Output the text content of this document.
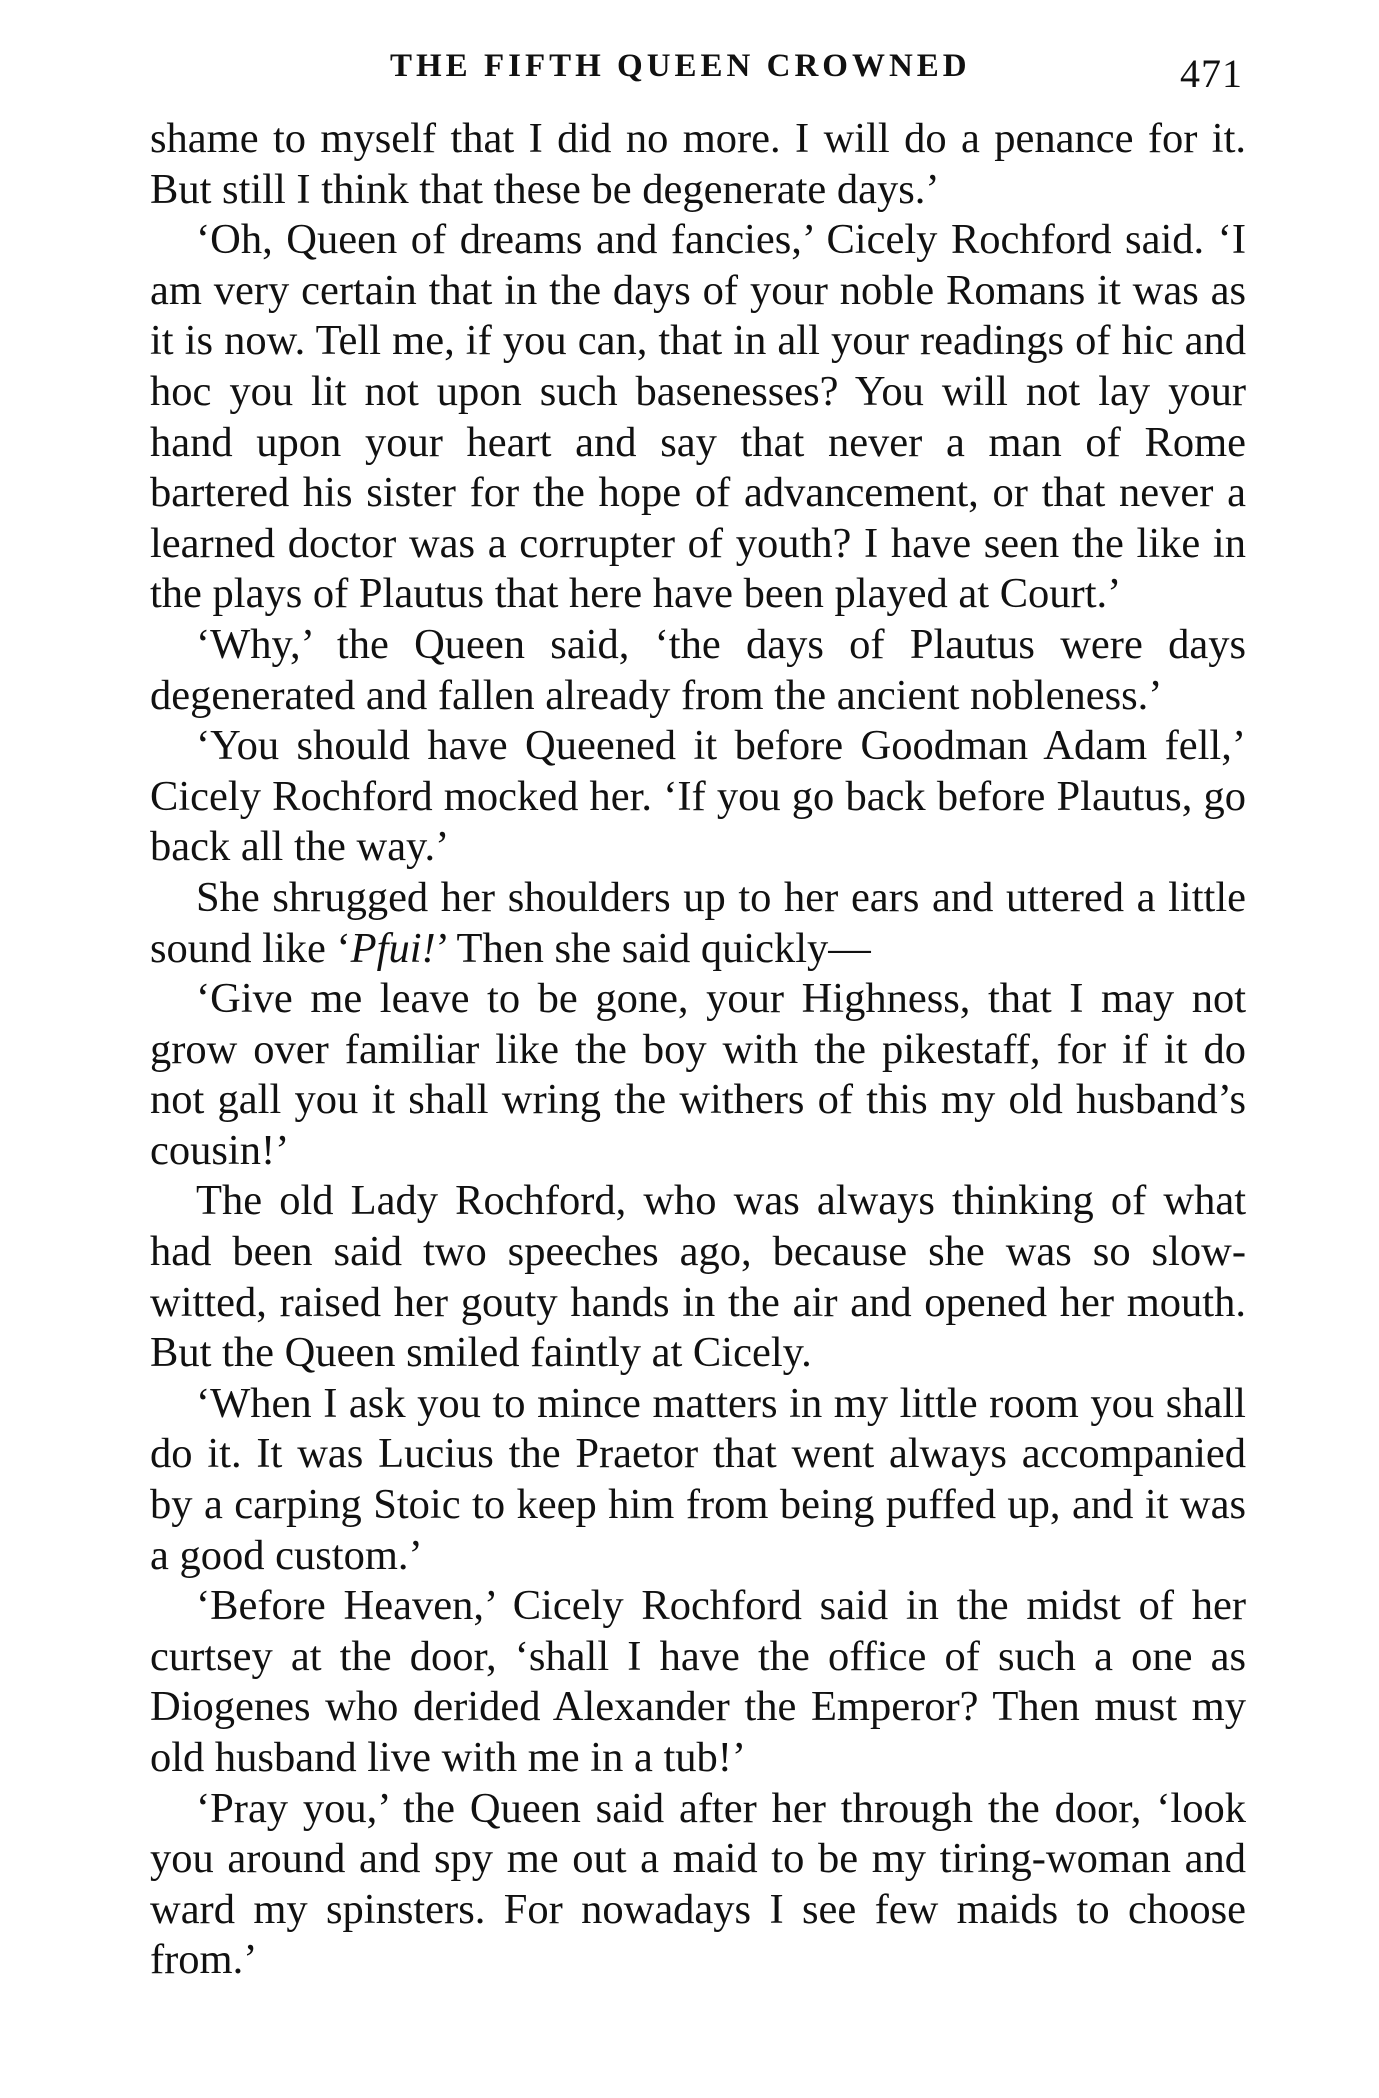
THE FIFTH QUEEN CROWNED	471

shame to myself that I did no more. I will do a penance for it. But still I think that these be degenerate days.’

‘Oh, Queen of dreams and fancies,’ Cicely Rochford said. ‘I am very certain that in the days of your noble Romans it was as it is now. Tell me, if you can, that in all your readings of hic and hoc you lit not upon such basenesses? You will not lay your hand upon your heart and say that never a man of Rome bartered his sister for the hope of advancement, or that never a learned doctor was a corrupter of youth? I have seen the like in the plays of Plautus that here have been played at Court.’

‘Why,’ the Queen said, ‘the days of Plautus were days degenerated and fallen already from the ancient nobleness.’

‘You should have Queened it before Goodman Adam fell,’ Cicely Rochford mocked her. ‘If you go back before Plautus, go back all the way.’

She shrugged her shoulders up to her ears and uttered a little sound like ‘Pfui!’ Then she said quickly—

‘Give me leave to be gone, your Highness, that I may not grow over familiar like the boy with the pikestaff, for if it do not gall you it shall wring the withers of this my old husband’s cousin!’

The old Lady Rochford, who was always thinking of what had been said two speeches ago, because she was so slow-witted, raised her gouty hands in the air and opened her mouth. But the Queen smiled faintly at Cicely.

‘When I ask you to mince matters in my little room you shall do it. It was Lucius the Praetor that went always accompanied by a carping Stoic to keep him from being puffed up, and it was a good custom.’

‘Before Heaven,’ Cicely Rochford said in the midst of her curtsey at the door, ‘shall I have the office of such a one as Diogenes who derided Alexander the Emperor? Then must my old husband live with me in a tub!’

‘Pray you,’ the Queen said after her through the door, ‘look you around and spy me out a maid to be my tiring-woman and ward my spinsters. For nowadays I see few maids to choose from.’
